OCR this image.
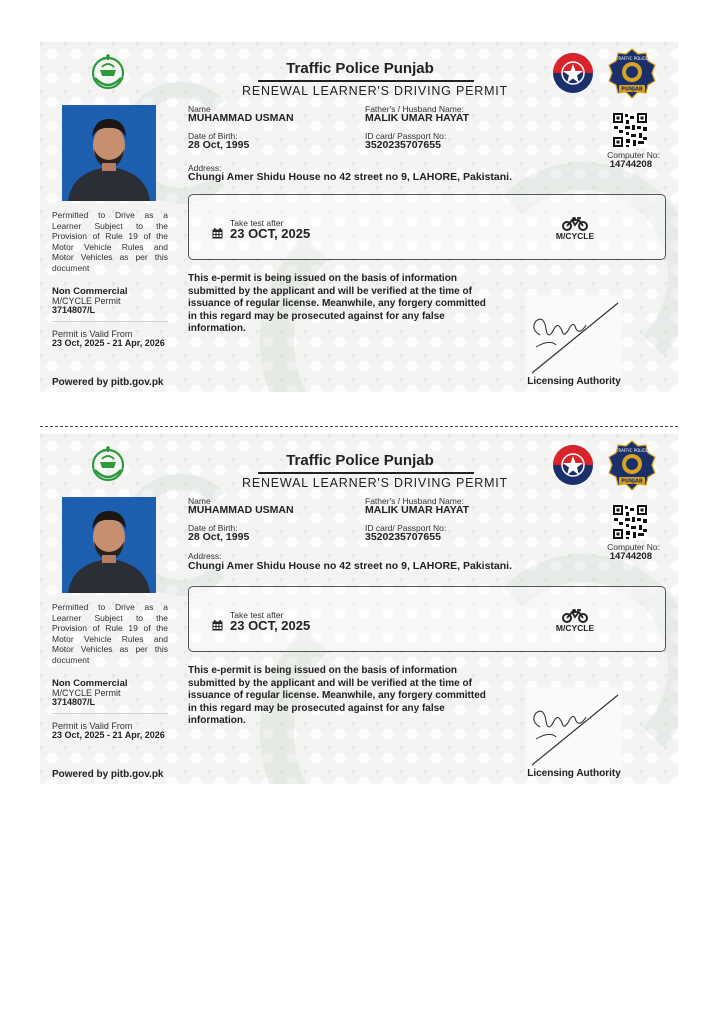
Traffic Police Punjab
RENEWAL LEARNER'S DRIVING PERMIT	PUNJAB
TRAFFIC POLICE
Name
MUHAMMAD USMAN
Father's / Husband Name:
MALIK UMAR HAYAT
Date of Birth:
28 Oct, 1995
ID card/ Passport No:
3520235707655
Address:
Chungi Amer Shidu House no 42 street no 9, LAHORE, Pakistani.
Computer No:
14744208
Permitted to Drive as a Learner Subject to the Provision of Rule 19 of the Motor Vehicle Rules and Motor Vehicles as per this document
Take test after
23 OCT, 2025	M/CYCLE
This e-permit is being issued on the basis of information submitted by the applicant and will be verified at the time of issuance of regular license. Meanwhile, any forgery committed in this regard may be prosecuted against for any false information.
Licensing Authority
Non Commercial
M/CYCLE Permit
3714807/L
Permit is Valid From
23 Oct, 2025 - 21 Apr, 2026
Powered by pitb.gov.pk
Traffic Police Punjab
RENEWAL LEARNER'S DRIVING PERMIT	PUNJAB
TRAFFIC POLICE
Name
MUHAMMAD USMAN
Father's / Husband Name:
MALIK UMAR HAYAT
Date of Birth:
28 Oct, 1995
ID card/ Passport No:
3520235707655
Address:
Chungi Amer Shidu House no 42 street no 9, LAHORE, Pakistani.
Computer No:
14744208
Permitted to Drive as a Learner Subject to the Provision of Rule 19 of the Motor Vehicle Rules and Motor Vehicles as per this document
Take test after
23 OCT, 2025	M/CYCLE
This e-permit is being issued on the basis of information submitted by the applicant and will be verified at the time of issuance of regular license. Meanwhile, any forgery committed in this regard may be prosecuted against for any false information.
Licensing Authority
Non Commercial
M/CYCLE Permit
3714807/L
Permit is Valid From
23 Oct, 2025 - 21 Apr, 2026
Powered by pitb.gov.pk
